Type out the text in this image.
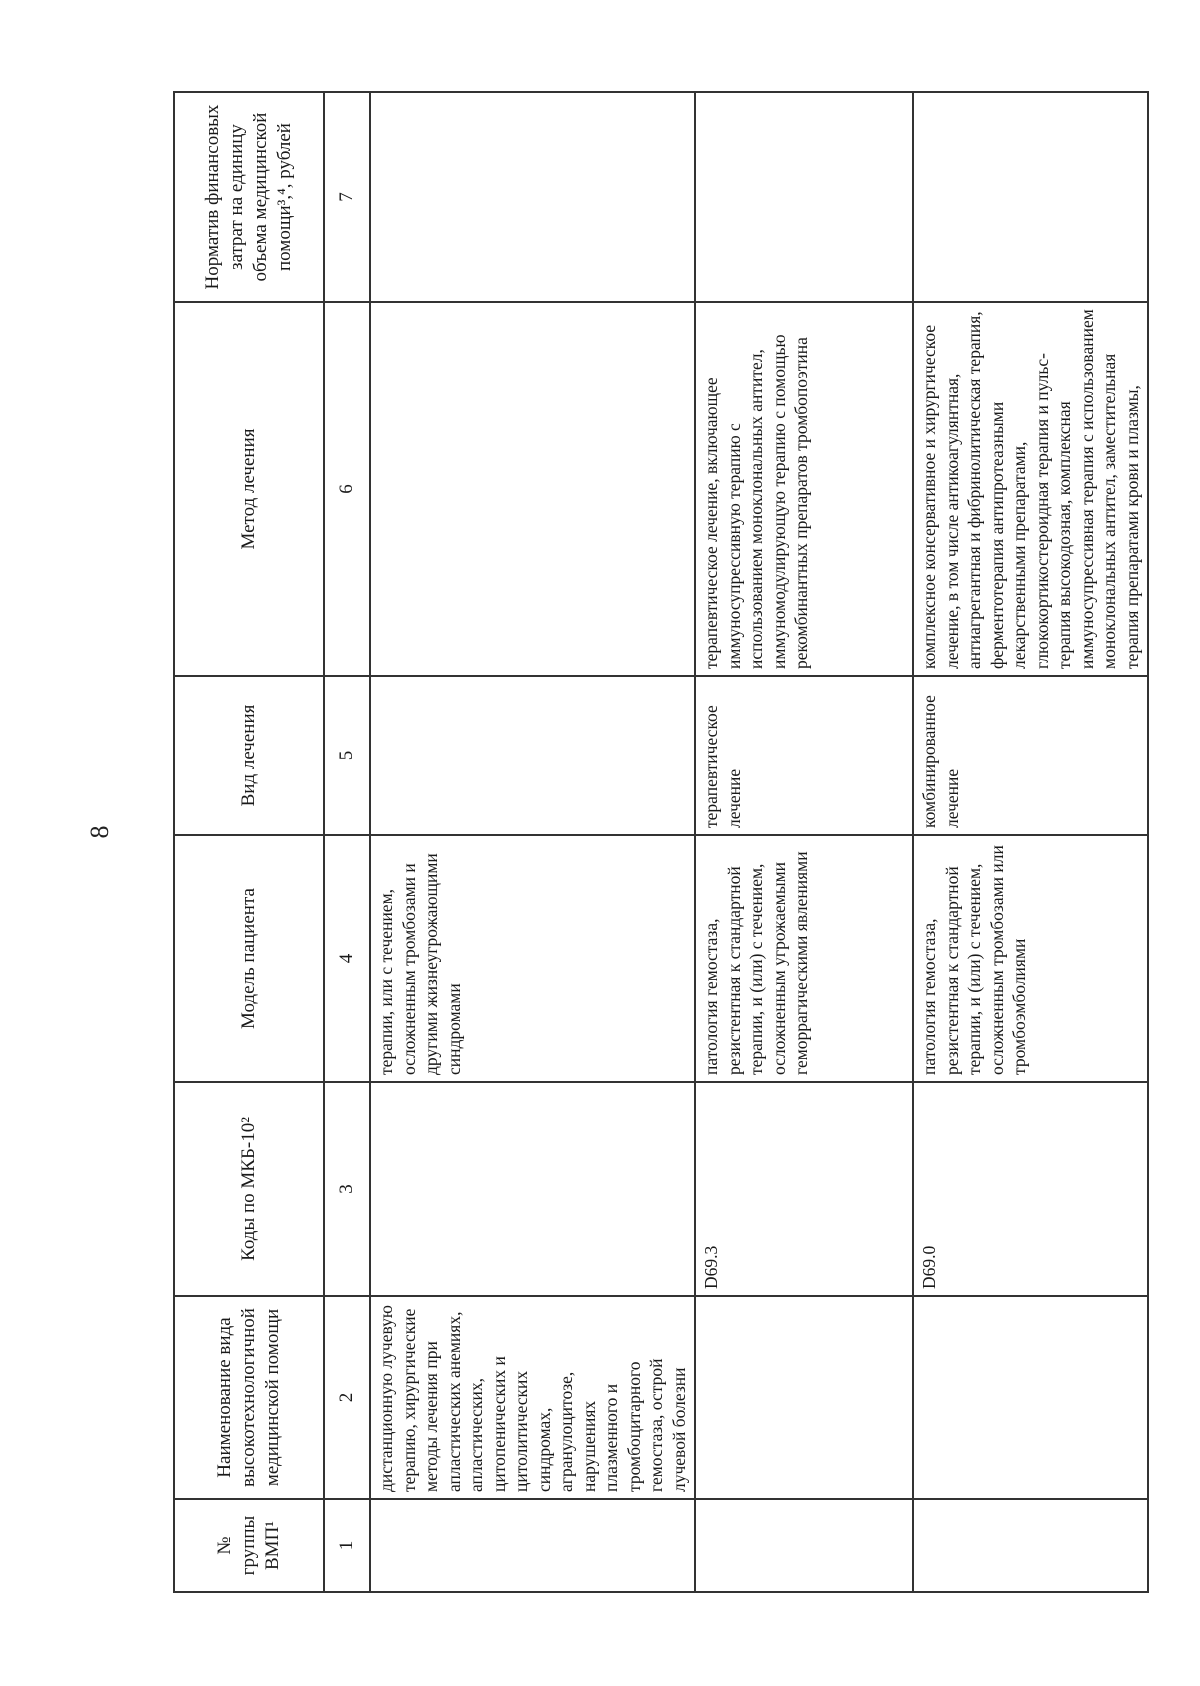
8
№ группы ВМП¹	Наименование вида высокотехнологичной медицинской помощи	Коды по МКБ-10²	Модель пациента	Вид лечения	Метод лечения	Норматив финансовых затрат на единицу объема медицинской помощи³,⁴, рублей
1	2	3	4	5	6	7
	дистанционную лучевую терапию, хирургические методы лечения при апластических анемиях, апластических, цитопенических и цитолитических синдромах, агранулоцитозе, нарушениях плазменного и тромбоцитарного гемостаза, острой лучевой болезни		терапии, или с течением, осложненным тромбозами и другими жизнеугрожающими синдромами			
		D69.3	патология гемостаза, резистентная к стандартной терапии, и (или) с течением, осложненным угрожаемыми геморрагическими явлениями	терапевтическое лечение	терапевтическое лечение, включающее иммуносупрессивную терапию с использованием моноклональных антител, иммуномодулирующую терапию с помощью рекомбинантных препаратов тромбопоэтина	
		D69.0	патология гемостаза, резистентная к стандартной терапии, и (или) с течением, осложненным тромбозами или тромбоэмболиями	комбинированное лечение	комплексное консервативное и хирургическое лечение, в том числе антикоагулянтная, антиагрегантная и фибринолитическая терапия, ферментотерапия антипротеазными лекарственными препаратами, глюкокортикостероидная терапия и пульс-терапия высокодозная, комплексная иммуносупрессивная терапия с использованием моноклональных антител, заместительная терапия препаратами крови и плазмы,	
